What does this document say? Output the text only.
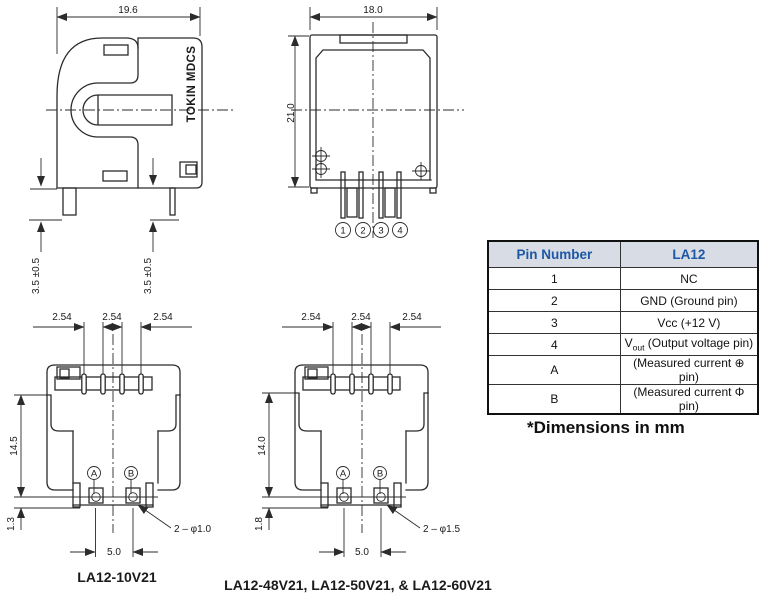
19.6
TOKIN MDCS
3.5 ±0.5	3.5 ±0.5
18.0
21.0
1 2 3 4
2.54	2.54	2.54
A	B
14.5
1.3
5.0
2 – φ1.0
LA12-10V21
2.54	2.54	2.54
A	B
14.0
1.8
5.0
2 – φ1.5
LA12-48V21, LA12-50V21, & LA12-60V21
Pin Number	LA12
1	NC
2	GND (Ground pin)
3	Vcc (+12 V)
4	$V_{out}$ (Output voltage pin)
A	(Measured current ⊕ pin)
B	(Measured current Φ pin)
*Dimensions in mm
